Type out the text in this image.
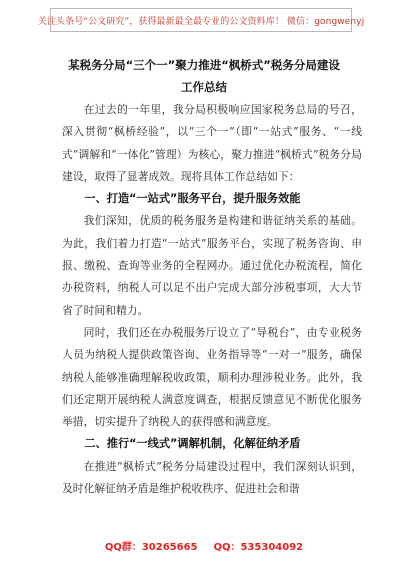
关注头条号“公文研究”，获得最新最全最专业的公文资料库！ 微信：gongwenyj
某税务分局“三个一”聚力推进“枫桥式”税务分局建设
工作总结

在过去的一年里，我分局积极响应国家税务总局的号召，深入贯彻“枫桥经验”，以“三个一”（即“一站式”服务、“一线式”调解和“一体化”管理）为核心，聚力推进“枫桥式”税务分局建设，取得了显著成效。现将具体工作总结如下：

一、打造“一站式”服务平台，提升服务效能

我们深知，优质的税务服务是构建和谐征纳关系的基础。为此，我们着力打造“一站式”服务平台，实现了税务咨询、申报、缴税、查询等业务的全程网办。通过优化办税流程，简化办税资料，纳税人可以足不出户完成大部分涉税事项，大大节省了时间和精力。

同时，我们还在办税服务厅设立了“导税台”，由专业税务人员为纳税人提供政策咨询、业务指导等“一对一”服务，确保纳税人能够准确理解税收政策，顺利办理涉税业务。此外，我们还定期开展纳税人满意度调查，根据反馈意见不断优化服务举措，切实提升了纳税人的获得感和满意度。

二、推行“一线式”调解机制，化解征纳矛盾

在推进“枫桥式”税务分局建设过程中，我们深刻认识到，及时化解征纳矛盾是维护税收秩序、促进社会和谐

QQ群：30265665 QQ：535304092
